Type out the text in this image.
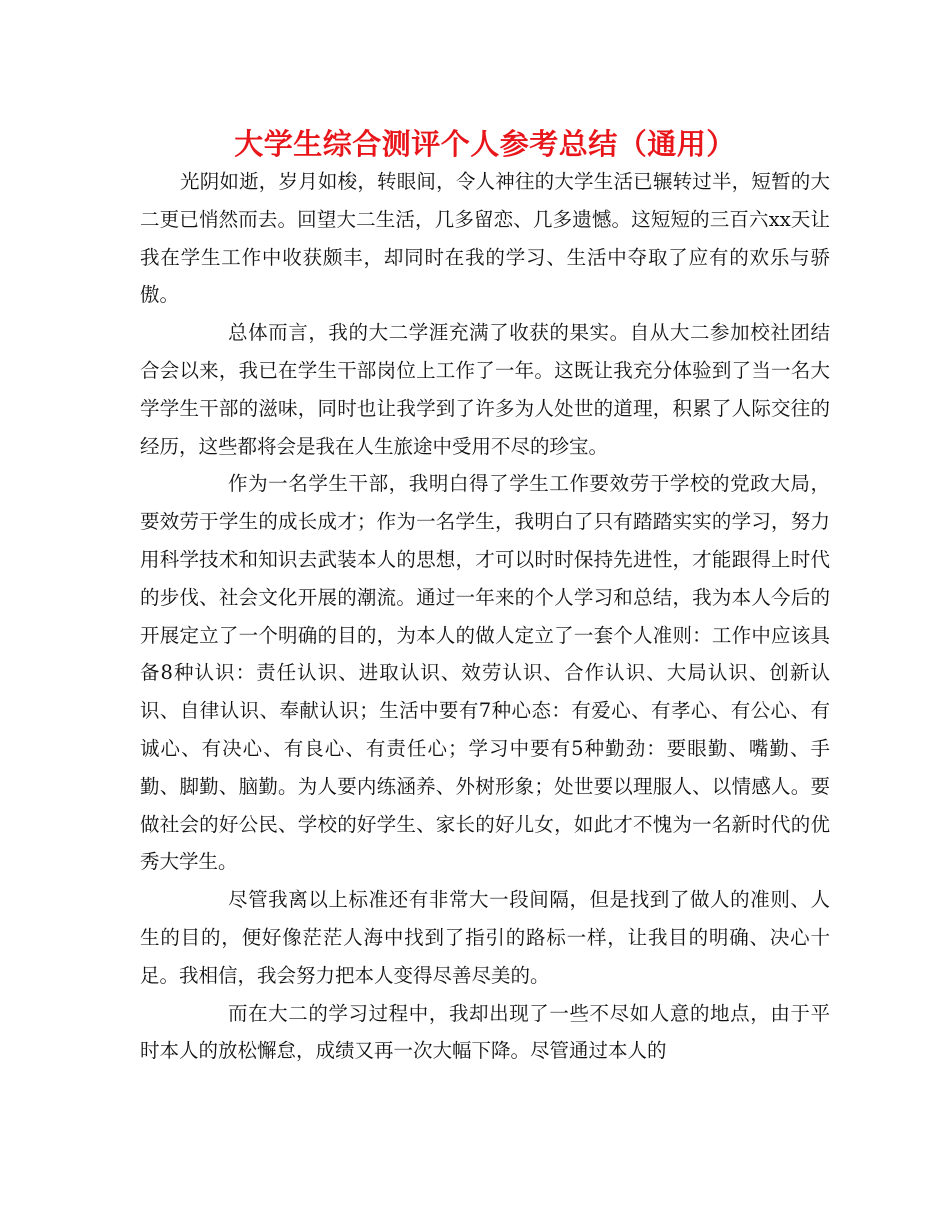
大学生综合测评个人参考总结（通用）

光阴如逝，岁月如梭，转眼间，令人神往的大学生活已辗转过半，短暂的大二更已悄然而去。回望大二生活，几多留恋、几多遗憾。这短短的三百六xx天让我在学生工作中收获颇丰，却同时在我的学习、生活中夺取了应有的欢乐与骄傲。

总体而言，我的大二学涯充满了收获的果实。自从大二参加校社团结合会以来，我已在学生干部岗位上工作了一年。这既让我充分体验到了当一名大学学生干部的滋味，同时也让我学到了许多为人处世的道理，积累了人际交往的经历，这些都将会是我在人生旅途中受用不尽的珍宝。

作为一名学生干部，我明白得了学生工作要效劳于学校的党政大局，要效劳于学生的成长成才；作为一名学生，我明白了只有踏踏实实的学习，努力用科学技术和知识去武装本人的思想，才可以时时保持先进性，才能跟得上时代的步伐、社会文化开展的潮流。通过一年来的个人学习和总结，我为本人今后的开展定立了一个明确的目的，为本人的做人定立了一套个人准则：工作中应该具备8种认识：责任认识、进取认识、效劳认识、合作认识、大局认识、创新认识、自律认识、奉献认识；生活中要有7种心态：有爱心、有孝心、有公心、有诚心、有决心、有良心、有责任心；学习中要有5种勤劲：要眼勤、嘴勤、手勤、脚勤、脑勤。为人要内练涵养、外树形象；处世要以理服人、以情感人。要做社会的好公民、学校的好学生、家长的好儿女，如此才不愧为一名新时代的优秀大学生。

尽管我离以上标准还有非常大一段间隔，但是找到了做人的准则、人生的目的，便好像茫茫人海中找到了指引的路标一样，让我目的明确、决心十足。我相信，我会努力把本人变得尽善尽美的。

而在大二的学习过程中，我却出现了一些不尽如人意的地点，由于平时本人的放松懈怠，成绩又再一次大幅下降。尽管通过本人的
